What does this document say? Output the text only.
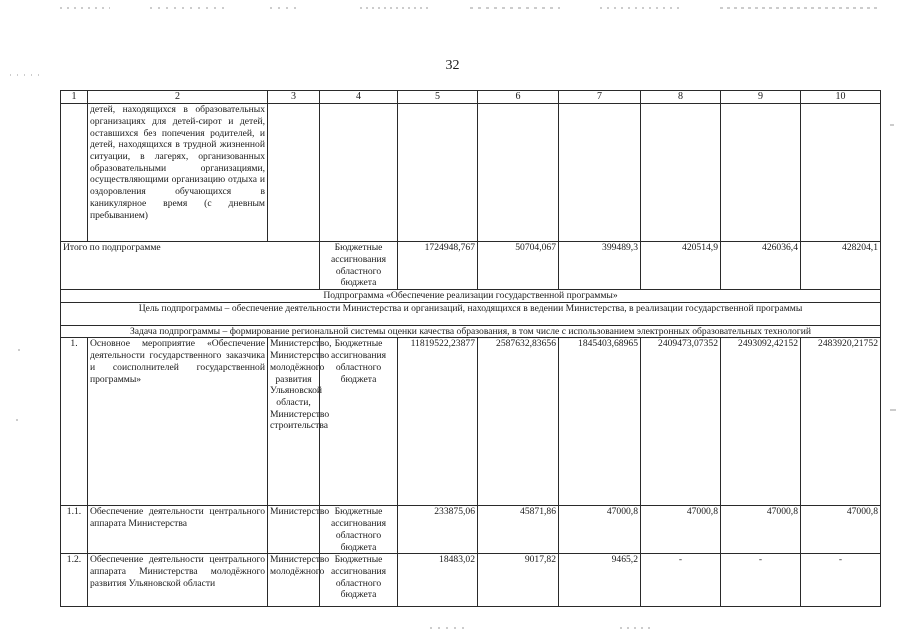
32
1	2	3	4	5	6	7	8	9	10
	детей, находящихся в образовательных организациях для детей-сирот и детей, оставшихся без попечения родителей, и детей, находящихся в трудной жизненной ситуации, в лагерях, организованных образовательными организациями, осуществляющими организацию отдыха и оздоровления обучающихся в каникулярное время (с дневным пребыванием)								
Итого по подпрограмме			Бюджетные ассигнования областного бюджета	1724948,767	50704,067	399489,3	420514,9	426036,4	428204,1
Подпрограмма «Обеспечение реализации государственной программы»									
Цель подпрограммы – обеспечение деятельности Министерства и организаций, находящихся в ведении Министерства, в реализации государственной программы									
Задача подпрограммы – формирование региональной системы оценки качества образования, в том числе с использованием электронных образовательных технологий									
1.	Основное мероприятие «Обеспечение деятельности государственного заказчика и соисполнителей государственной программы»	Министерство, Министерство молодёжного развития Ульяновской области, Министерство строительства	Бюджетные ассигнования областного бюджета	11819522,23877	2587632,83656	1845403,68965	2409473,07352	2493092,42152	2483920,21752
1.1.	Обеспечение деятельности центрального аппарата Министерства	Министерство	Бюджетные ассигнования областного бюджета	233875,06	45871,86	47000,8	47000,8	47000,8	47000,8
1.2.	Обеспечение деятельности центрального аппарата Министерства молодёжного развития Ульяновской области	Министерство молодёжного	Бюджетные ассигнования областного бюджета	18483,02	9017,82	9465,2	-	-	-
